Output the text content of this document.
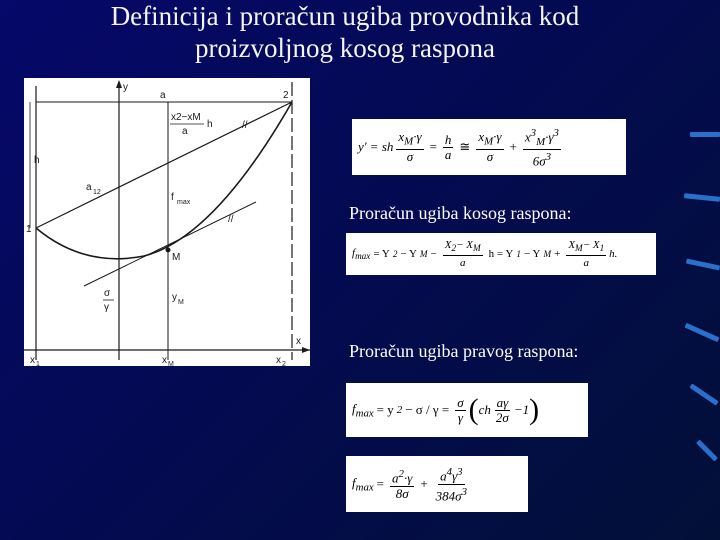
Definicija i proračun ugiba provodnika kod
proizvoljnog kosog raspona
y
a	2
1
h
a 12	f max
M
y M
x
x 1	x M	x 2
σ
γ
x2−xM
a
h	//
//
y' = sh $\frac{x_M\cdot\gamma}{\sigma} = \frac{h}{a}$ ≅ $\frac{x_M\cdot\gamma}{\sigma} + \frac{x^3_M\cdot\gamma^3}{6\sigma^3}$
Proračun ugiba kosog raspona:
$f_{max} = Y$ 2 − Y $M - \frac{X_2- X_M}{a}$ h = Y 1 − Y $M + \frac{X_M- X_1}{a} h$.
Proračun ugiba pravog raspona:
$f_{max} = y$ $2 - \sigma / \gamma = \frac{\sigma}{\gamma}$ ( ch $\frac{a\gamma}{2\sigma} -1$ )
$f_{max} = \frac{a^2\cdot\gamma}{8\sigma} + \frac{a^4\gamma^3}{384\sigma^3}$
